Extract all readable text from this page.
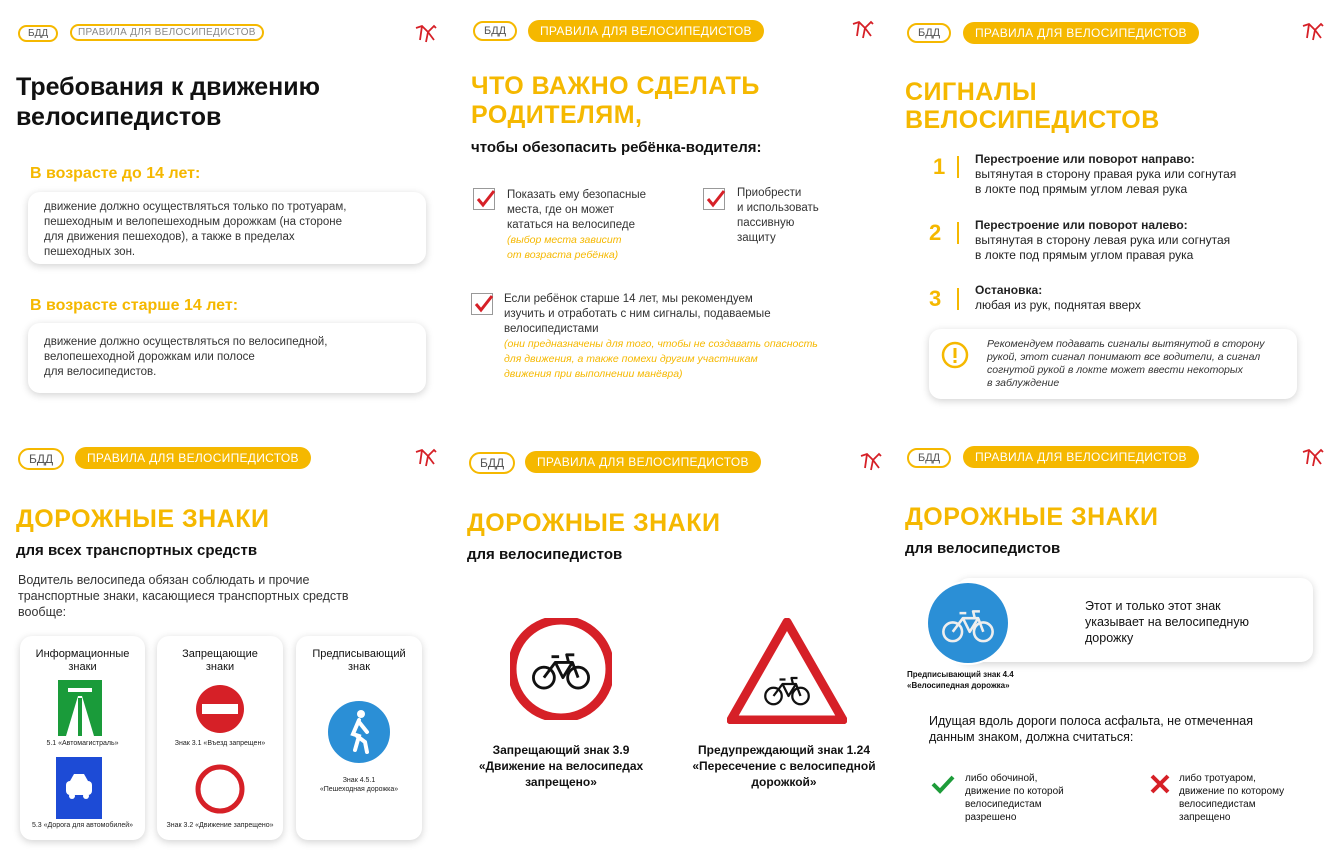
БДД	ПРАВИЛА ДЛЯ ВЕЛОСИПЕДИСТОВ
Требования к движению
велосипедистов
В возрасте до 14 лет:
движение должно осуществляться только по тротуарам,
пешеходным и велопешеходным дорожкам (на стороне
для движения пешеходов), а также в пределах
пешеходных зон.
В возрасте старше 14 лет:
движение должно осуществляться по велосипедной,
велопешеходной дорожкам или полосе
для велосипедистов.
БДД	ПРАВИЛА ДЛЯ ВЕЛОСИПЕДИСТОВ
ЧТО ВАЖНО СДЕЛАТЬ
РОДИТЕЛЯМ,
чтобы обезопасить ребёнка-водителя:
Показать ему безопасные
места, где он может
кататься на велосипеде
(выбор места зависит
от возраста ребёнка)
Приобрести
и использовать
пассивную
защиту
Если ребёнок старше 14 лет, мы рекомендуем
изучить и отработать с ним сигналы, подаваемые
велосипедистами
(они предназначены для того, чтобы не создавать опасность
для движения, а также помехи другим участникам
движения при выполнении манёвра)
БДД	ПРАВИЛА ДЛЯ ВЕЛОСИПЕДИСТОВ
СИГНАЛЫ
ВЕЛОСИПЕДИСТОВ
1 Перестроение или поворот направо:
вытянутая в сторону правая рука или согнутая
в локте под прямым углом левая рука
2	Перестроение или поворот налево:
вытянутая в сторону левая рука или согнутая
в локте под прямым углом правая рука
3	Остановка:
любая из рук, поднятая вверх
Рекомендуем подавать сигналы вытянутой в сторону
рукой, этот сигнал понимают все водители, а сигнал
согнутой рукой в локте может ввести некоторых
в заблуждение
БДД	ПРАВИЛА ДЛЯ ВЕЛОСИПЕДИСТОВ
ДОРОЖНЫЕ ЗНАКИ
для всех транспортных средств
Водитель велосипеда обязан соблюдать и прочие
транспортные знаки, касающиеся транспортных средств
вообще:
Информационные
знаки
5.1 «Автомагистраль»
5.3 «Дорога для автомобилей»
Запрещающие
знаки
Знак 3.1 «Въезд запрещен»
Знак 3.2 «Движение запрещено»
Предписывающий
знак
Знак 4.5.1
«Пешеходная дорожка»
БДД	ПРАВИЛА ДЛЯ ВЕЛОСИПЕДИСТОВ
ДОРОЖНЫЕ ЗНАКИ
для велосипедистов
Запрещающий знак 3.9
«Движение на велосипедах
запрещено»
Предупреждающий знак 1.24
«Пересечение с велосипедной
дорожкой»
БДД	ПРАВИЛА ДЛЯ ВЕЛОСИПЕДИСТОВ
ДОРОЖНЫЕ ЗНАКИ
для велосипедистов
Этот и только этот знак
указывает на велосипедную
дорожку
Предписывающий знак 4.4
«Велосипедная дорожка»
Идущая вдоль дороги полоса асфальта, не отмеченная
данным знаком, должна считаться:
либо обочиной,
движение по которой
велосипедистам
разрешено
либо тротуаром,
движение по которому
велосипедистам
запрещено
